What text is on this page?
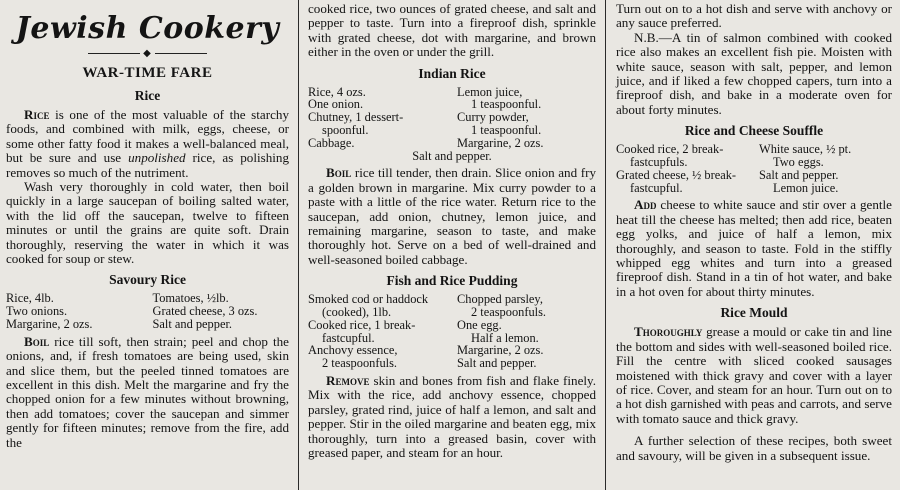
Jewish Cookery
◆
WAR-TIME FARE
Rice

Rice is one of the most valuable of the starchy foods, and combined with milk, eggs, cheese, or some other fatty food it makes a well-balanced meal, but be sure and use unpolished rice, as polishing removes so much of the nutriment.

Wash very thoroughly in cold water, then boil quickly in a large saucepan of boiling salted water, with the lid off the saucepan, twelve to fifteen minutes or until the grains are quite soft. Drain thoroughly, reserving the water in which it was cooked for soup or stew.

Savoury Rice
Rice, 4lb.	Tomatoes, ½lb.
Two onions.	Grated cheese, 3 ozs.
Margarine, 2 ozs.	Salt and pepper.

Boil rice till soft, then strain; peel and chop the onions, and, if fresh tomatoes are being used, skin and slice them, but the peeled tinned tomatoes are excellent in this dish. Melt the margarine and fry the chopped onion for a few minutes without browning, then add tomatoes; cover the saucepan and simmer gently for fifteen minutes; remove from the fire, add the

cooked rice, two ounces of grated cheese, and salt and pepper to taste. Turn into a fireproof dish, sprinkle with grated cheese, dot with margarine, and brown either in the oven or under the grill.

Indian Rice
Rice, 4 ozs.	Lemon juice,
One onion.	1 teaspoonful.
Chutney, 1 dessert-	Curry powder,
spoonful.	1 teaspoonful.
Cabbage.	Margarine, 2 ozs.
Salt and pepper.

Boil rice till tender, then drain. Slice onion and fry a golden brown in margarine. Mix curry powder to a paste with a little of the rice water. Return rice to the saucepan, add onion, chutney, lemon juice, and remaining margarine, season to taste, and make thoroughly hot. Serve on a bed of well-drained and well-seasoned boiled cabbage.

Fish and Rice Pudding
Smoked cod or haddock	Chopped parsley,
(cooked), 1lb.	2 teaspoonfuls.
Cooked rice, 1 break-	One egg.
fastcupful.	Half a lemon.
Anchovy essence,	Margarine, 2 ozs.
2 teaspoonfuls.	Salt and pepper.

Remove skin and bones from fish and flake finely. Mix with the rice, add anchovy essence, chopped parsley, grated rind, juice of half a lemon, and salt and pepper. Stir in the oiled margarine and beaten egg, mix thoroughly, turn into a greased basin, cover with greased paper, and steam for an hour.

Turn out on to a hot dish and serve with anchovy or any sauce preferred.

N.B.—A tin of salmon combined with cooked rice also makes an excellent fish pie. Moisten with white sauce, season with salt, pepper, and lemon juice, and if liked a few chopped capers, turn into a fireproof dish, and bake in a moderate oven for about forty minutes.

Rice and Cheese Souffle
Cooked rice, 2 break-	White sauce, ½ pt.
fastcupfuls.	Two eggs.
Grated cheese, ½ break-	Salt and pepper.
fastcupful.	Lemon juice.

Add cheese to white sauce and stir over a gentle heat till the cheese has melted; then add rice, beaten egg yolks, and juice of half a lemon, mix thoroughly, and season to taste. Fold in the stiffly whipped egg whites and turn into a greased fireproof dish. Stand in a tin of hot water, and bake in a hot oven for about thirty minutes.

Rice Mould

Thoroughly grease a mould or cake tin and line the bottom and sides with well-seasoned boiled rice. Fill the centre with sliced cooked sausages moistened with thick gravy and cover with a layer of rice. Cover, and steam for an hour. Turn out on to a hot dish garnished with peas and carrots, and serve with tomato sauce and thick gravy.

A further selection of these recipes, both sweet and savoury, will be given in a subsequent issue.
